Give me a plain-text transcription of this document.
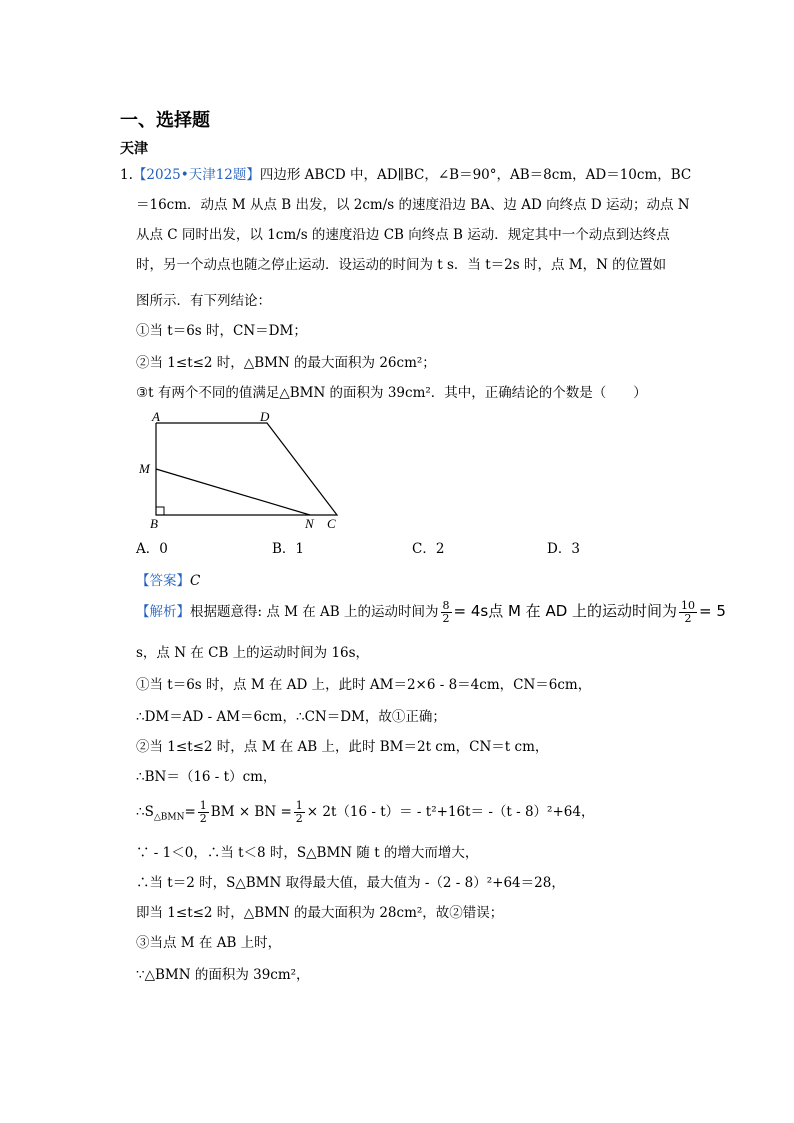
一、选择题
天津
1.【2025•天津12题】四边形 ABCD 中，AD∥BC，∠B＝90°，AB＝8cm，AD＝10cm，BC
＝16cm．动点 M 从点 B 出发，以 2cm/s 的速度沿边 BA、边 AD 向终点 D 运动；动点 N
从点 C 同时出发，以 1cm/s 的速度沿边 CB 向终点 B 运动．规定其中一个动点到达终点
时，另一个动点也随之停止运动．设运动的时间为 t s．当 t＝2s 时，点 M，N 的位置如
图所示．有下列结论：
①当 t＝6s 时，CN＝DM；
②当 1≤t≤2 时，△BMN 的最大面积为 26cm²；
③t 有两个不同的值满足△BMN 的面积为 39cm²．其中，正确结论的个数是（　　）
A	D
M
B	N C
A．0	B．1	C．2	D．3
【答案】C
【解析】根据题意得: 点 M 在 AB 上的运动时间为 $\frac{8}{2} = 4s$点 M 在 AD 上的运动时间为 $\frac{10}{2} = 5$
s，点 N 在 CB 上的运动时间为 16s，
①当 t＝6s 时，点 M 在 AD 上，此时 AM＝2×6 - 8＝4cm，CN＝6cm，
∴DM＝AD - AM＝6cm，∴CN＝DM，故①正确；
②当 1≤t≤2 时，点 M 在 AB 上，此时 BM＝2t cm，CN＝t cm，
∴BN＝（16 - t）cm，
$\therefore S_{\triangle BMN}= \frac{1}{2}$ BM × BN = $\frac{1}{2} \times 2t(16 - t)= - t^2+16t= -(t - 8)^2+64$，
∵ - 1＜0，∴当 t＜8 时，S△BMN 随 t 的增大而增大，
∴当 t＝2 时，S△BMN 取得最大值，最大值为 -（2 - 8）²+64＝28，
即当 1≤t≤2 时，△BMN 的最大面积为 28cm²，故②错误；
③当点 M 在 AB 上时，
∵△BMN 的面积为 39cm²，
